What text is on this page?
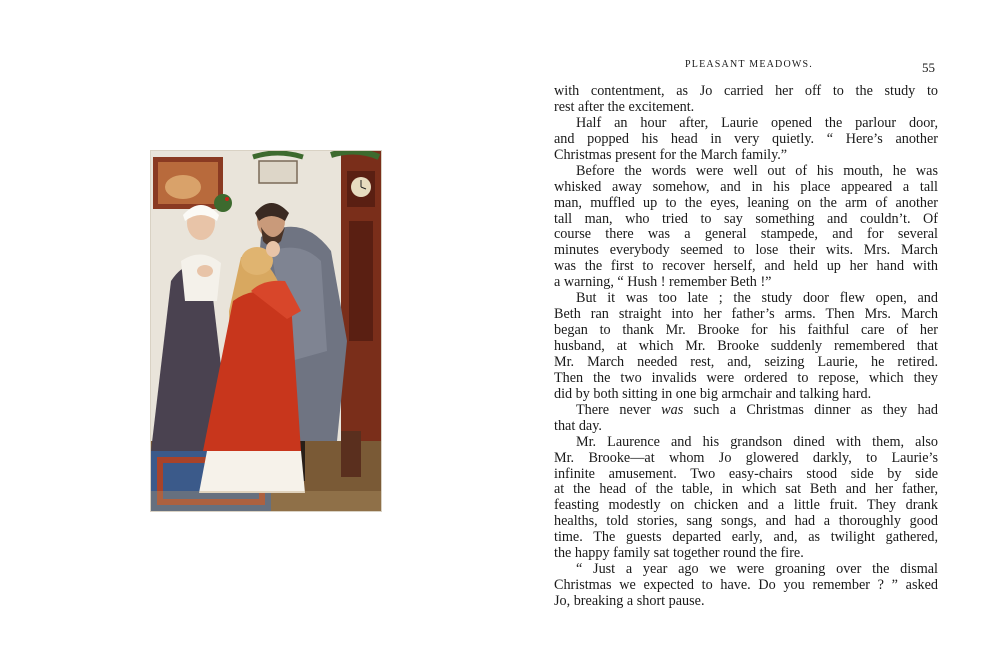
PLEASANT MEADOWS.	55
with contentment, as Jo carried her off to the study to
rest after the excitement.
Half an hour after, Laurie opened the parlour door,
and popped his head in very quietly. “ Here’s another
Christmas present for the March family.”
Before the words were well out of his mouth, he was
whisked away somehow, and in his place appeared a tall
man, muffled up to the eyes, leaning on the arm of another
tall man, who tried to say something and couldn’t. Of
course there was a general stampede, and for several
minutes everybody seemed to lose their wits. Mrs. March
was the first to recover herself, and held up her hand with
a warning, “ Hush ! remember Beth !”
But it was too late ; the study door flew open, and
Beth ran straight into her father’s arms. Then Mrs. March
began to thank Mr. Brooke for his faithful care of her
husband, at which Mr. Brooke suddenly remembered that
Mr. March needed rest, and, seizing Laurie, he retired.
Then the two invalids were ordered to repose, which they
did by both sitting in one big armchair and talking hard.
There never was such a Christmas dinner as they had
that day.
Mr. Laurence and his grandson dined with them, also
Mr. Brooke—at whom Jo glowered darkly, to Laurie’s
infinite amusement. Two easy-chairs stood side by side
at the head of the table, in which sat Beth and her father,
feasting modestly on chicken and a little fruit. They drank
healths, told stories, sang songs, and had a thoroughly good
time. The guests departed early, and, as twilight gathered,
the happy family sat together round the fire.
“ Just a year ago we were groaning over the dismal
Christmas we expected to have. Do you remember ? ” asked
Jo, breaking a short pause.
